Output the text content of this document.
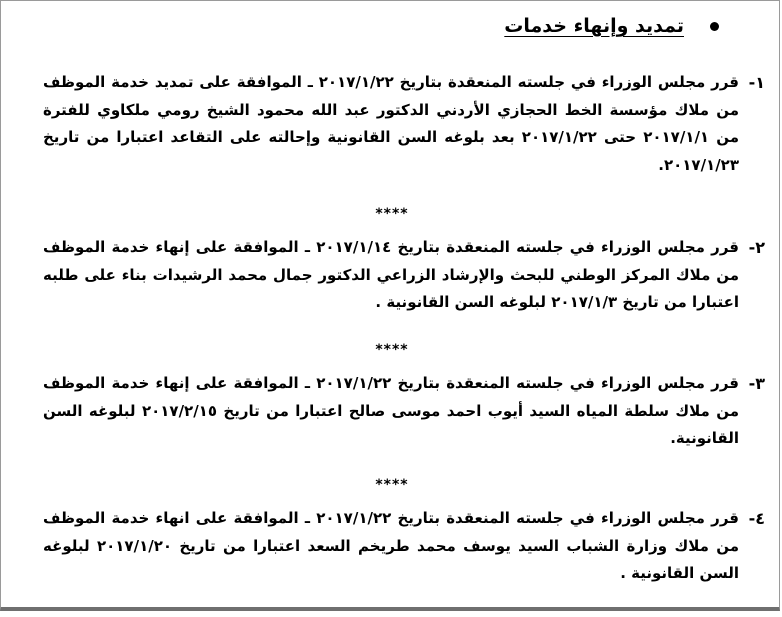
تمديد وإنهاء خدمات
١-
قرر مجلس الوزراء في جلسته المنعقدة بتاريخ ٢٠١٧/١/٢٢ ـ الموافقة على تمديد خدمة الموظف من ملاك مؤسسة الخط الحجازي الأردني الدكتور عبد الله محمود الشيخ رومي ملكاوي للفترة من ٢٠١٧/١/١ حتى ٢٠١٧/١/٢٢ بعد بلوغه السن القانونية وإحالته على التقاعد اعتبارا من تاريخ ٢٠١٧/١/٢٣.
****
٢-
قرر مجلس الوزراء في جلسته المنعقدة بتاريخ ٢٠١٧/١/١٤ ـ الموافقة على إنهاء خدمة الموظف من ملاك المركز الوطني للبحث والإرشاد الزراعي الدكتور جمال محمد الرشيدات بناء على طلبه اعتبارا من تاريخ ٢٠١٧/١/٣ لبلوغه السن القانونية .
****
٣-
قرر مجلس الوزراء في جلسته المنعقدة بتاريخ ٢٠١٧/١/٢٢ ـ الموافقة على إنهاء خدمة الموظف من ملاك سلطة المياه السيد أيوب احمد موسى صالح اعتبارا من تاريخ ٢٠١٧/٢/١٥ لبلوغه السن القانونية.
****
٤-
قرر مجلس الوزراء في جلسته المنعقدة بتاريخ ٢٠١٧/١/٢٢ ـ الموافقة على انهاء خدمة الموظف من ملاك وزارة الشباب السيد يوسف محمد طريخم السعد اعتبارا من تاريخ ٢٠١٧/١/٢٠ لبلوغه السن القانونية .
